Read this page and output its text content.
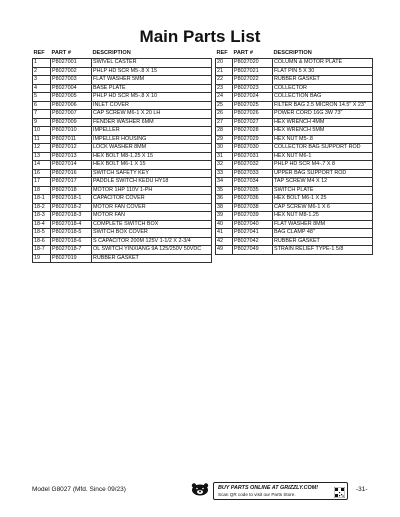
Main Parts List
REF	PART #	DESCRIPTION
1	P8027001	SWIVEL CASTER
2	P8027002	PHLP HD SCR M5-.8 X 15
3	P8027003	FLAT WASHER 5MM
4	P8027004	BASE PLATE
5	P8027005	PHLP HD SCR M5-.8 X 10
6	P8027006	INLET COVER
7	P8027007	CAP SCREW M6-1 X 20 LH
9	P8027009	FENDER WASHER 6MM
10	P8027010	IMPELLER
11	P8027011	IMPELLER HOUSING
12	P8027012	LOCK WASHER 8MM
13	P8027013	HEX BOLT M8-1.25 X 15
14	P8027014	HEX BOLT M6-1 X 15
16	P8027016	SWITCH SAFETY KEY
17	P8027017	PADDLE SWITCH KEDU HY18
18	P8027018	MOTOR 1HP 110V 1-PH
18-1	P8027018-1	CAPACITOR COVER
18-2	P8027018-2	MOTOR FAN COVER
18-3	P8027018-3	MOTOR FAN
18-4	P8027018-4	COMPLETE SWITCH BOX
18-5	P8027018-5	SWITCH BOX COVER
18-6	P8027018-6	S CAPACITOR 200M 125V 1-1/2 X 2-3/4
18-7	P8027018-7	OL SWITCH YINXIANG 9A 125/250V 50VDC
19	P8027019	RUBBER GASKET
REF	PART #	DESCRIPTION
20	P8027020	COLUMN & MOTOR PLATE
21	P8027021	FLAT PIN 5 X 30
22	P8027022	RUBBER GASKET
23	P8027023	COLLECTOR
24	P8027024	COLLECTION BAG
25	P8027025	FILTER BAG 2.5 MICRON 14.5" X 23"
26	P8027026	POWER CORD 16G 3W 73"
27	P8027027	HEX WRENCH 4MM
28	P8027028	HEX WRENCH 5MM
29	P8027029	HEX NUT M5-.8
30	P8027030	COLLECTOR BAG SUPPORT ROD
31	P8027031	HEX NUT M6-1
32	P8027032	PHLP HD SCR M4-.7 X 8
33	P8027033	UPPER BAG SUPPORT ROD
34	P8027034	TAP SCREW M4 X 12
35	P8027035	SWITCH PLATE
36	P8027036	HEX BOLT M6-1 X 25
38	P8027038	CAP SCREW M6-1 X 6
39	P8027039	HEX NUT M8-1.25
40	P8027040	FLAT WASHER 8MM
41	P8027041	BAG CLAMP 48"
42	P8027042	RUBBER GASKET
49	P8027049	STRAIN RELIEF TYPE-1 5/8
Model G8027 (Mfd. Since 09/23)	BUY PARTS ONLINE AT GRIZZLY.COM!
Scan QR code to visit our Parts Store.
-31-
